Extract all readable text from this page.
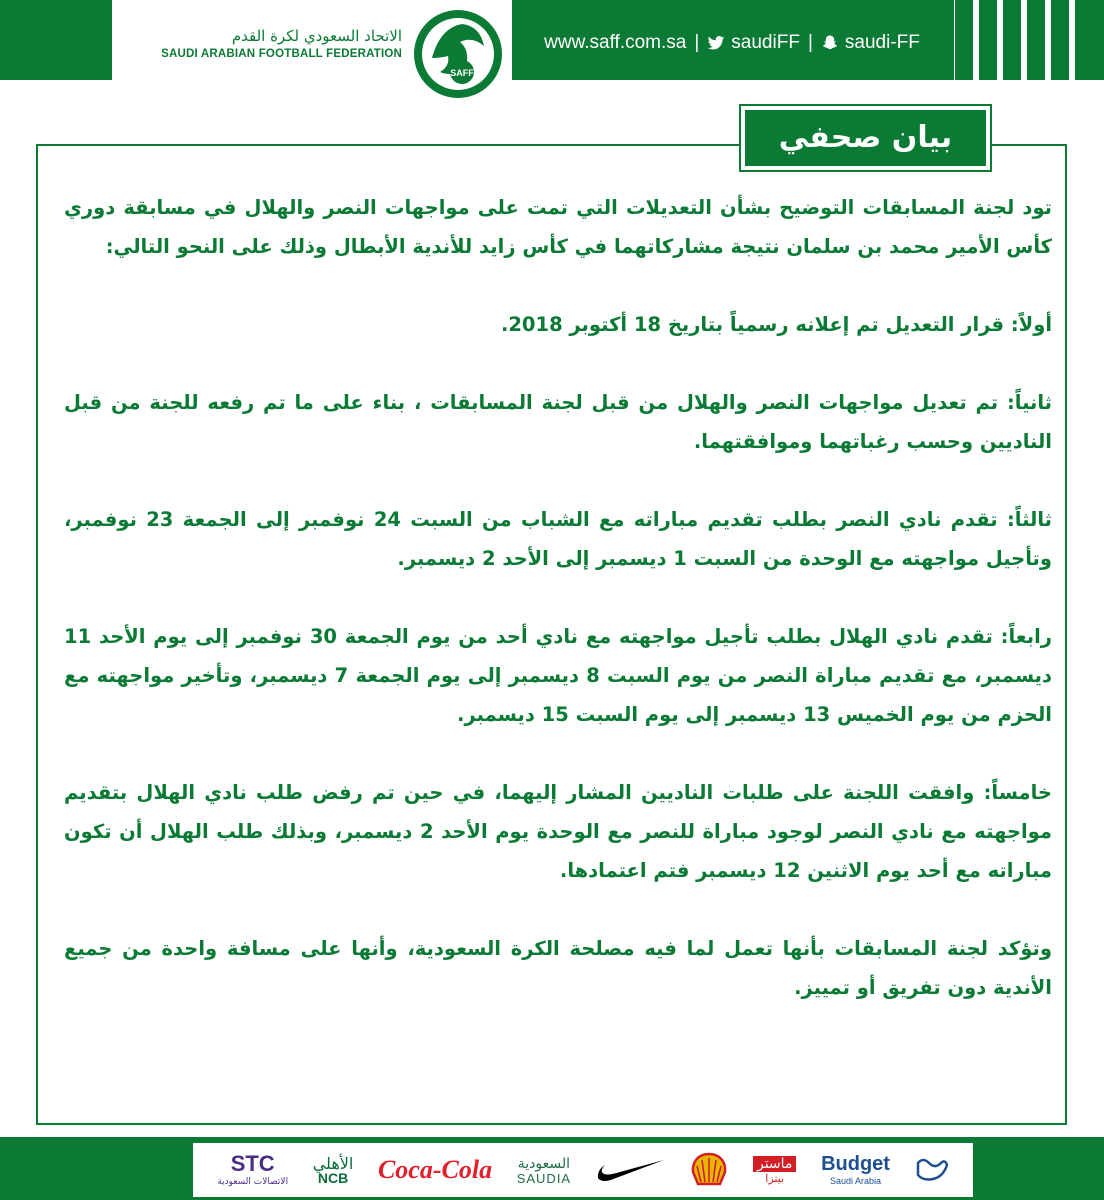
الاتحاد السعودي لكرة القدم
SAUDI ARABIAN FOOTBALL FEDERATION
SAFF
www.saff.com.sa | saudiFF | saudi-FF
بيان صحفي

تود لجنة المسابقات التوضيح بشأن التعديلات التي تمت على مواجهات النصر والهلال في مسابقة دوري كأس الأمير محمد بن سلمان نتيجة مشاركاتهما في كأس زايد للأندية الأبطال وذلك على النحو التالي:

أولاً: قرار التعديل تم إعلانه رسمياً بتاريخ 18 أكتوبر 2018.

ثانياً: تم تعديل مواجهات النصر والهلال من قبل لجنة المسابقات ، بناء على ما تم رفعه للجنة من قبل الناديين وحسب رغباتهما وموافقتهما.

ثالثاً: تقدم نادي النصر بطلب تقديم مباراته مع الشباب من السبت 24 نوفمبر إلى الجمعة 23 نوفمبر، وتأجيل مواجهته مع الوحدة من السبت 1 ديسمبر إلى الأحد 2 ديسمبر.

رابعاً: تقدم نادي الهلال بطلب تأجيل مواجهته مع نادي أحد من يوم الجمعة 30 نوفمبر إلى يوم الأحد 11 ديسمبر، مع تقديم مباراة النصر من يوم السبت 8 ديسمبر إلى يوم الجمعة 7 ديسمبر، وتأخير مواجهته مع الحزم من يوم الخميس 13 ديسمبر إلى يوم السبت 15 ديسمبر.

خامساً: وافقت اللجنة على طلبات الناديين المشار إليهما، في حين تم رفض طلب نادي الهلال بتقديم مواجهته مع نادي النصر لوجود مباراة للنصر مع الوحدة يوم الأحد 2 ديسمبر، وبذلك طلب الهلال أن تكون مباراته مع أحد يوم الاثنين 12 ديسمبر فتم اعتمادها.

وتؤكد لجنة المسابقات بأنها تعمل لما فيه مصلحة الكرة السعودية، وأنها على مسافة واحدة من جميع الأندية دون تفريق أو تمييز.

STC
الاتصالات السعودية
الأهلي
NCB Coca-Cola السعودية
SAUDIA	Nike
Shell
ماستر
بيتزا
Budget
Saudi Arabia
